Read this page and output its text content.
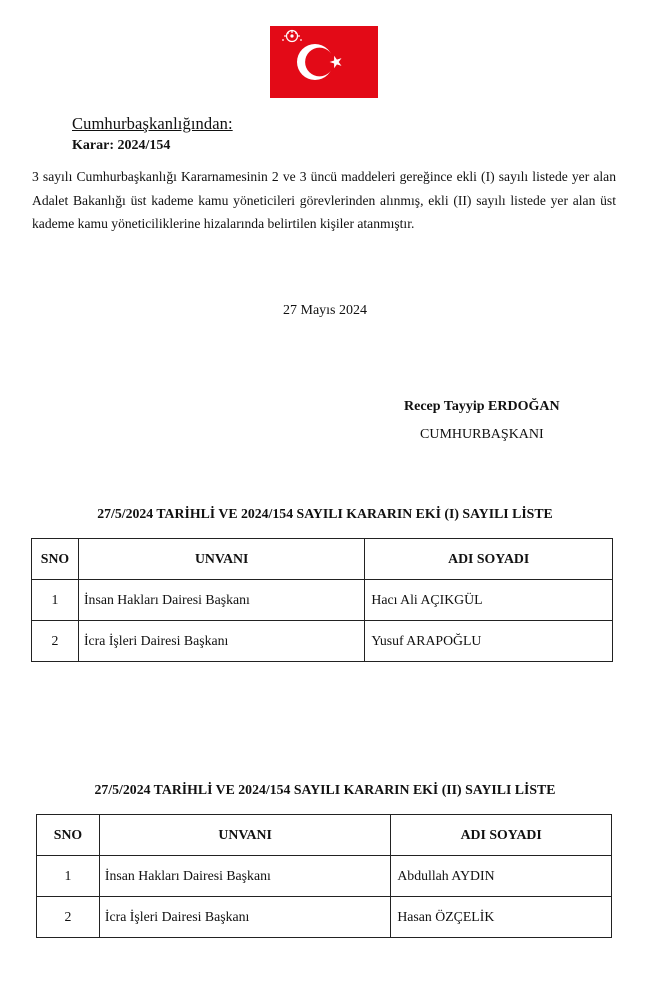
Cumhurbaşkanlığından:
Karar: 2024/154
3 sayılı Cumhurbaşkanlığı Kararnamesinin 2 ve 3 üncü maddeleri gereğince ekli (I) sayılı listede yer alan Adalet Bakanlığı üst kademe kamu yöneticileri görevlerinden alınmış, ekli (II) sayılı listede yer alan üst kademe kamu yöneticiliklerine hizalarında belirtilen kişiler atanmıştır.
27 Mayıs 2024
Recep Tayyip ERDOĞAN
CUMHURBAŞKANI
27/5/2024 TARİHLİ VE 2024/154 SAYILI KARARIN EKİ (I) SAYILI LİSTE
SNO	UNVANI	ADI SOYADI
1	İnsan Hakları Dairesi Başkanı	Hacı Ali AÇIKGÜL
2	İcra İşleri Dairesi Başkanı	Yusuf ARAPOĞLU
27/5/2024 TARİHLİ VE 2024/154 SAYILI KARARIN EKİ (II) SAYILI LİSTE
SNO	UNVANI	ADI SOYADI
1	İnsan Hakları Dairesi Başkanı	Abdullah AYDIN
2	İcra İşleri Dairesi Başkanı	Hasan ÖZÇELİK
